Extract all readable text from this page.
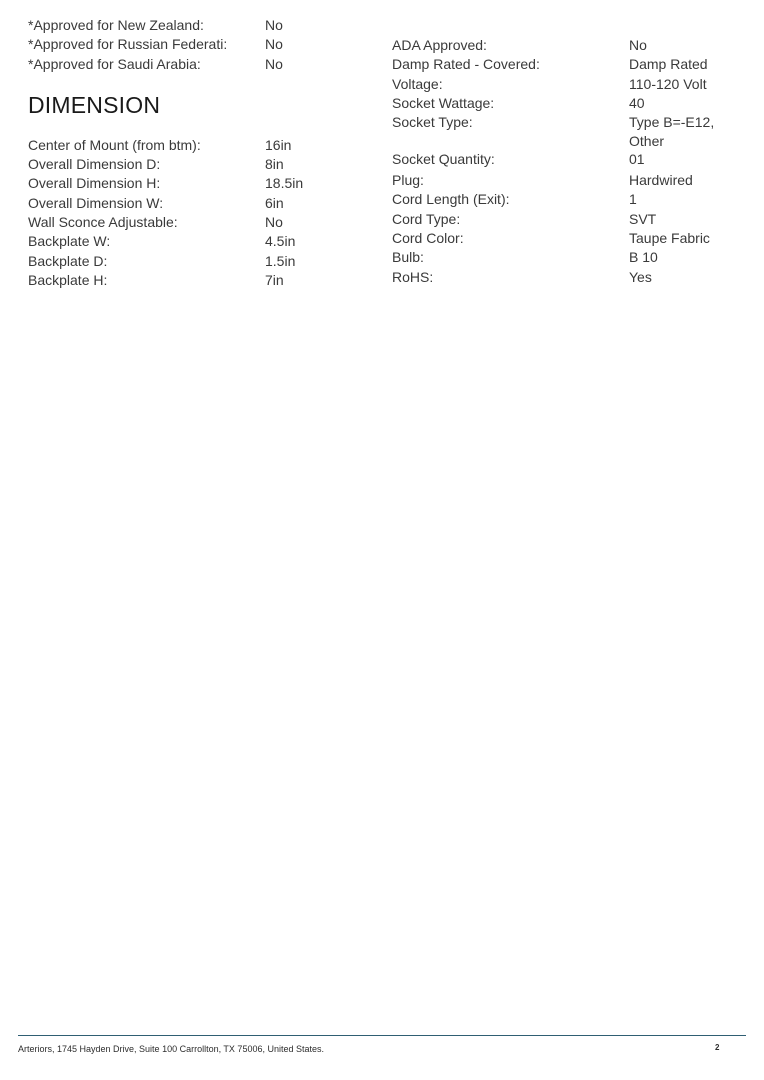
*Approved for New Zealand:	No
*Approved for Russian Federati:	No
*Approved for Saudi Arabia:	No
DIMENSION
Center of Mount (from btm):	16in
Overall Dimension D:	8in
Overall Dimension H:	18.5in
Overall Dimension W:	6in
Wall Sconce Adjustable:	No
Backplate W:	4.5in
Backplate D:	1.5in
Backplate H:	7in
ADA Approved:	No
Damp Rated - Covered:	Damp Rated
Voltage:	110-120 Volt
Socket Wattage:	40
Socket Type:	Type B=-E12,
Other
Socket Quantity:	01
Plug:	Hardwired
Cord Length (Exit):	1
Cord Type:	SVT
Cord Color:	Taupe Fabric
Bulb:	B 10
RoHS:	Yes
Arteriors, 1745 Hayden Drive, Suite 100 Carrollton, TX 75006, United States.	2
